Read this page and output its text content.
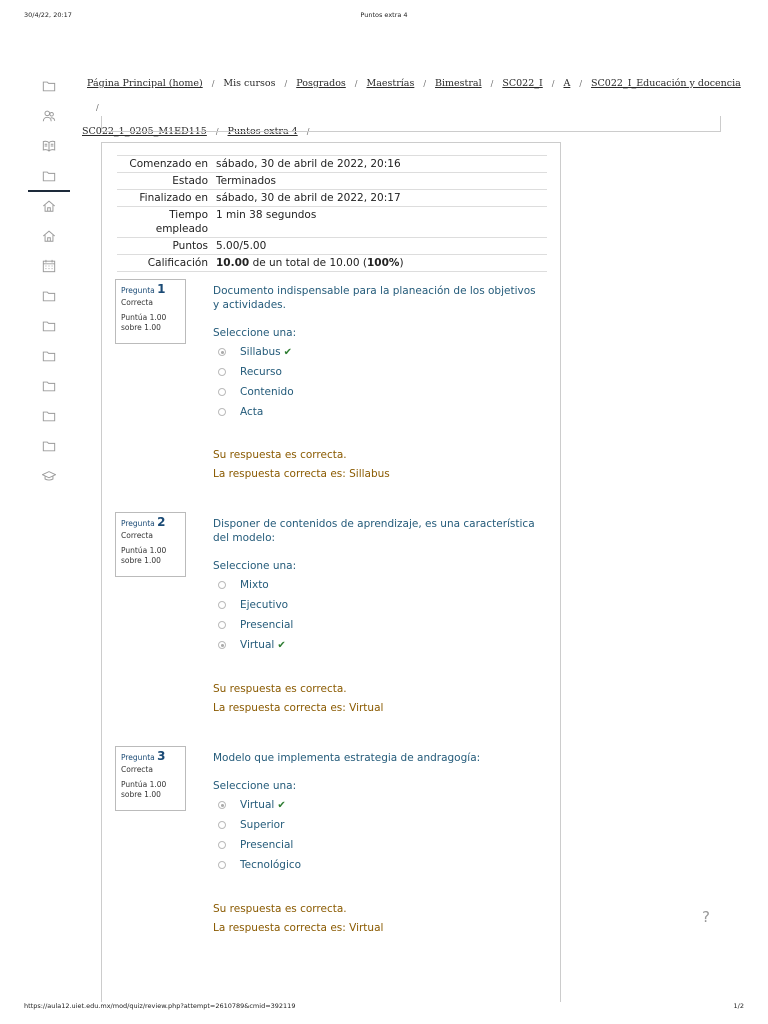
30/4/22, 20:17	Puntos extra 4
Página Principal (home) / Mis cursos / Posgrados / Maestrías / Bimestral / SC022_I / A / SC022_I_Educación y docencia/
SC022_1_0205_M1ED115 / Puntos extra 4 /
Comenzado en	sábado, 30 de abril de 2022, 20:16
Estado	Terminados
Finalizado en	sábado, 30 de abril de 2022, 20:17
Tiempo empleado	1 min 38 segundos
Puntos	5.00/5.00
Calificación	10.00 de un total de 10.00 (100%)
Pregunta 1
Correcta
Puntúa 1.00 sobre 1.00
Documento indispensable para la planeación de los objetivos y actividades.
Seleccione una:
Sillabus ✔
Recurso
Contenido
Acta
Su respuesta es correcta.
La respuesta correcta es: Sillabus
Pregunta 2
Correcta
Puntúa 1.00 sobre 1.00
Disponer de contenidos de aprendizaje, es una característica del modelo:
Seleccione una:
Mixto
Ejecutivo
Presencial
Virtual ✔
Su respuesta es correcta.
La respuesta correcta es: Virtual
Pregunta 3
Correcta
Puntúa 1.00 sobre 1.00
Modelo que implementa estrategia de andragogía:
Seleccione una:
Virtual ✔
Superior
Presencial
Tecnológico
Su respuesta es correcta.
La respuesta correcta es: Virtual
?
https://aula12.uiet.edu.mx/mod/quiz/review.php?attempt=2610789&cmid=392119	1/2
